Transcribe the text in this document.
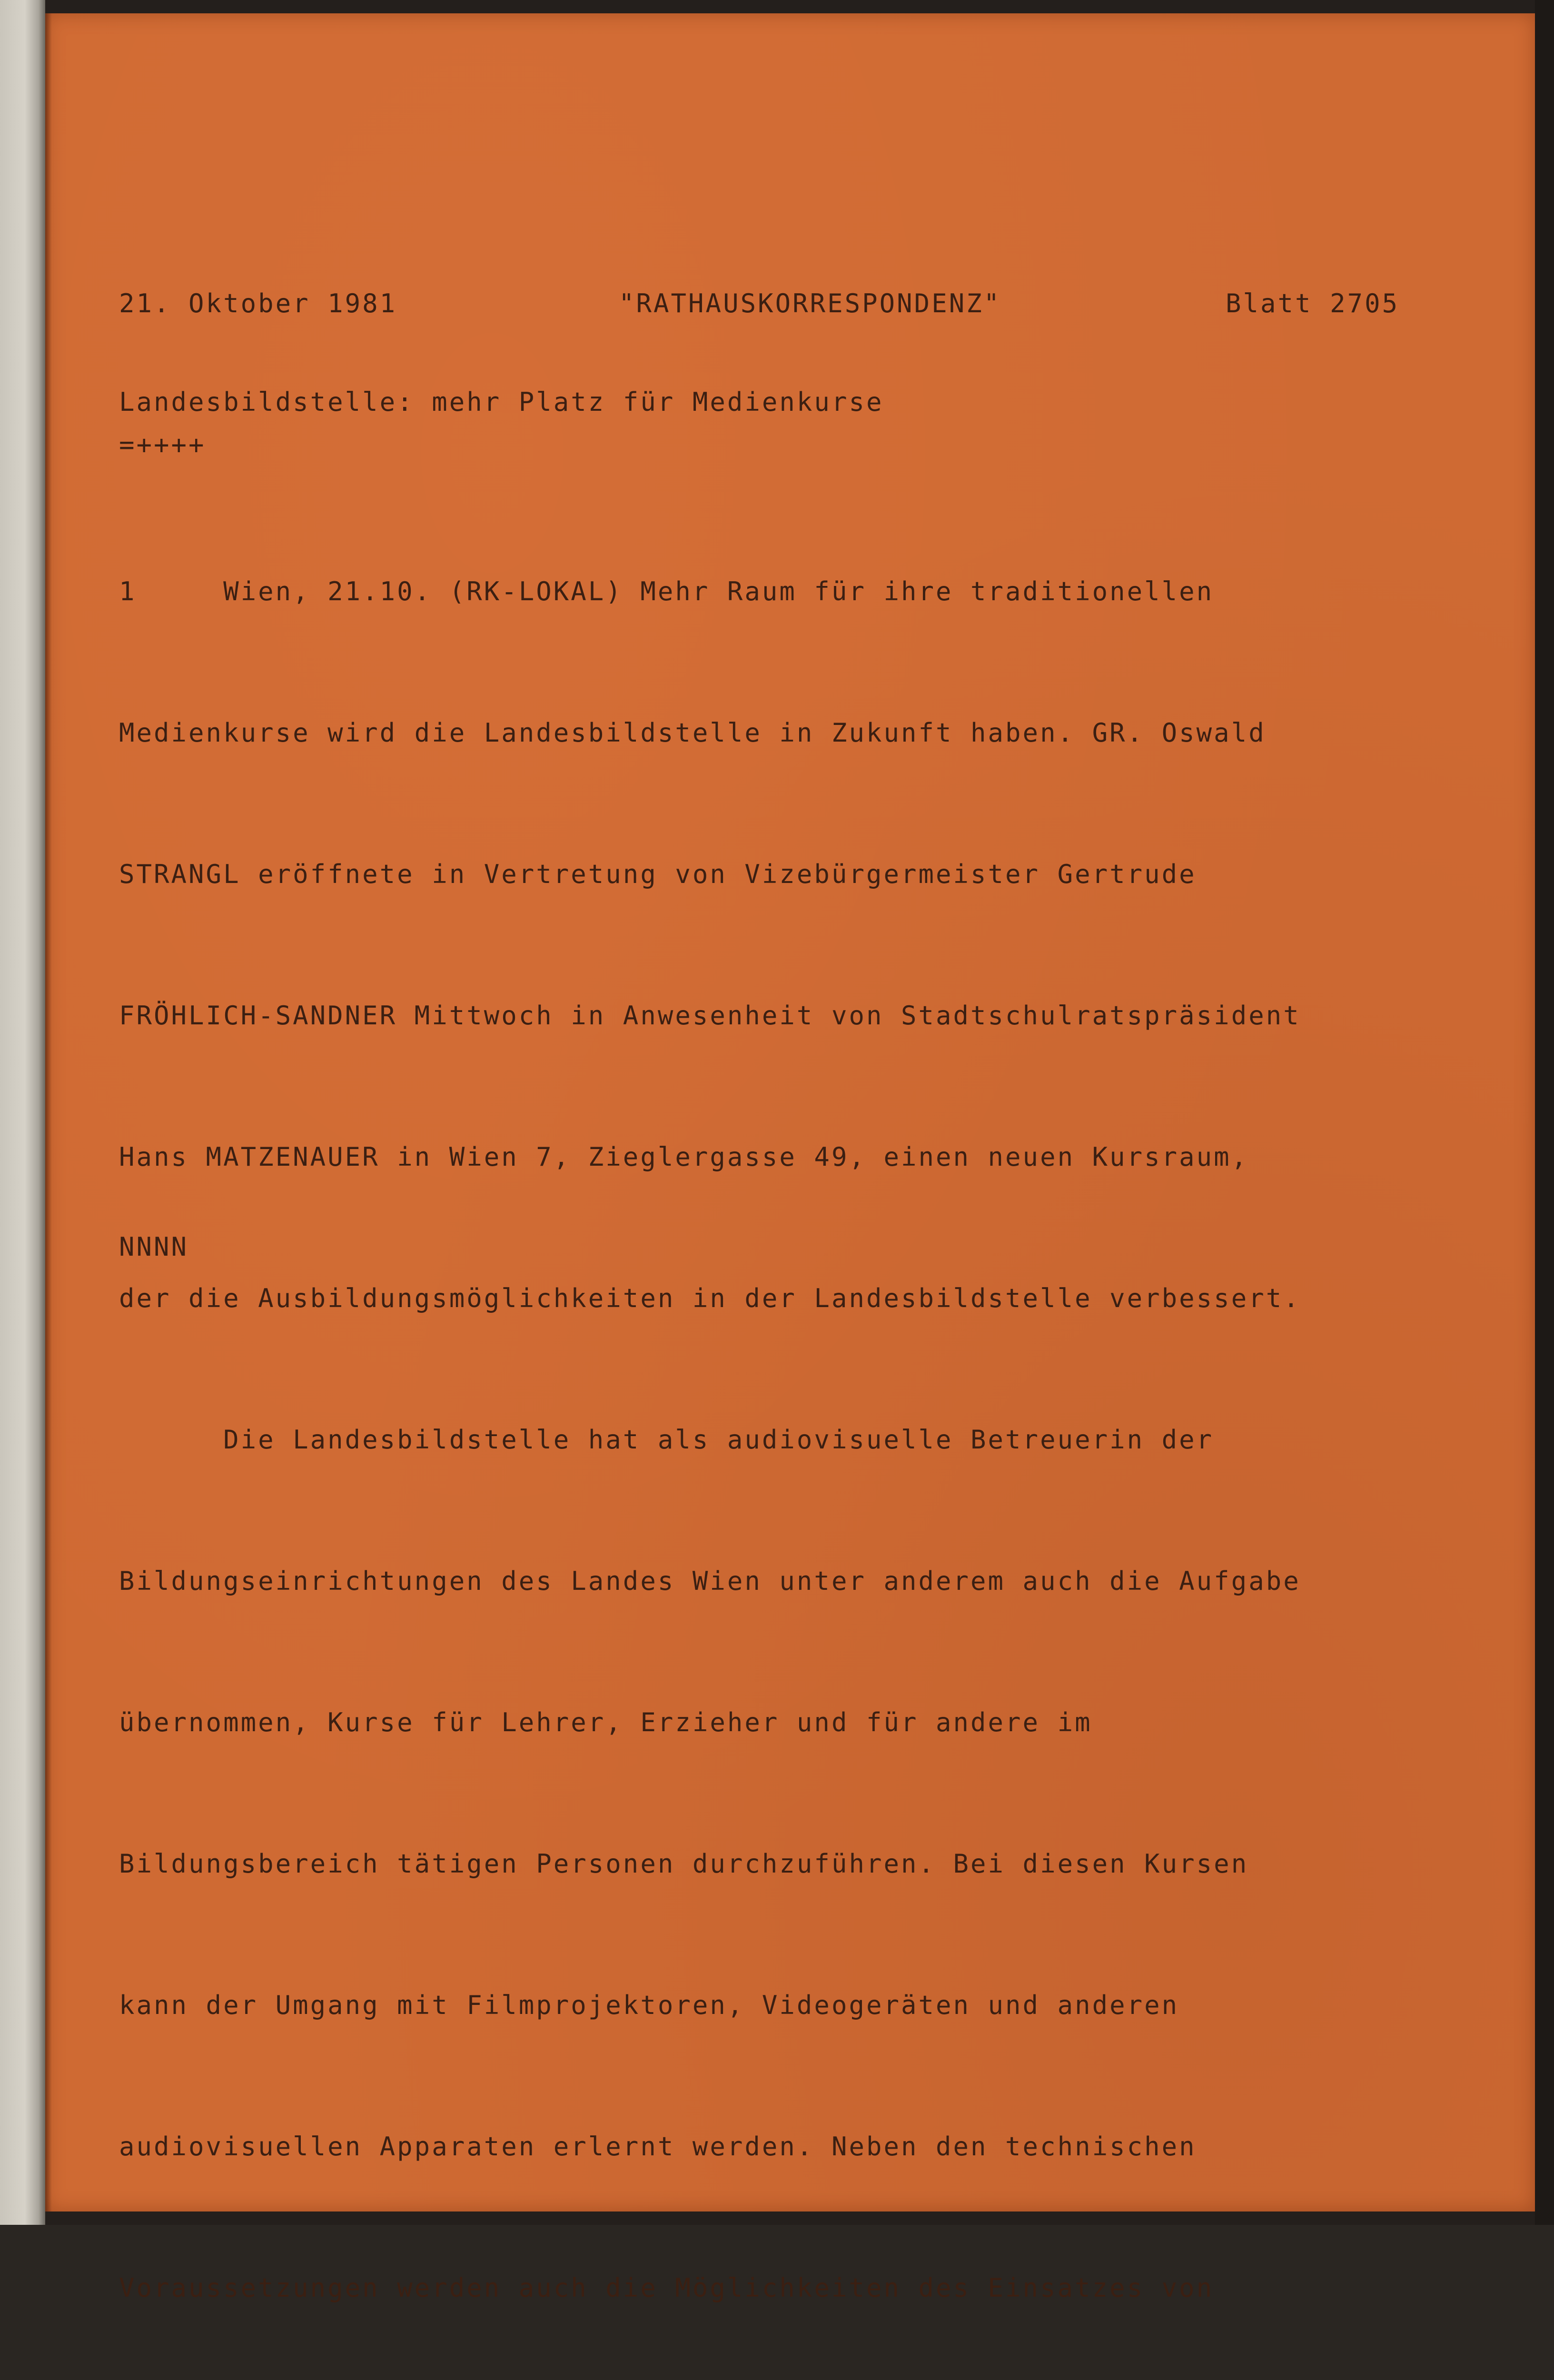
21. Oktober 1981	"RATHAUSKORRESPONDENZ"	Blatt 2705
Landesbildstelle: mehr Platz für Medienkurse
=++++

1     Wien, 21.10. (RK-LOKAL) Mehr Raum für ihre traditionellen

Medienkurse wird die Landesbildstelle in Zukunft haben. GR. Oswald

STRANGL eröffnete in Vertretung von Vizebürgermeister Gertrude

FRÖHLICH-SANDNER Mittwoch in Anwesenheit von Stadtschulratspräsident

Hans MATZENAUER in Wien 7, Zieglergasse 49, einen neuen Kursraum,

der die Ausbildungsmöglichkeiten in der Landesbildstelle verbessert.

Die Landesbildstelle hat als audiovisuelle Betreuerin der

Bildungseinrichtungen des Landes Wien unter anderem auch die Aufgabe

übernommen, Kurse für Lehrer, Erzieher und für andere im

Bildungsbereich tätigen Personen durchzuführen. Bei diesen Kursen

kann der Umgang mit Filmprojektoren, Videogeräten und anderen

audiovisuellen Apparaten erlernt werden. Neben den technischen

Voraussetzungen werden auch die Möglichkeiten des Einsatzes von

NNNN
